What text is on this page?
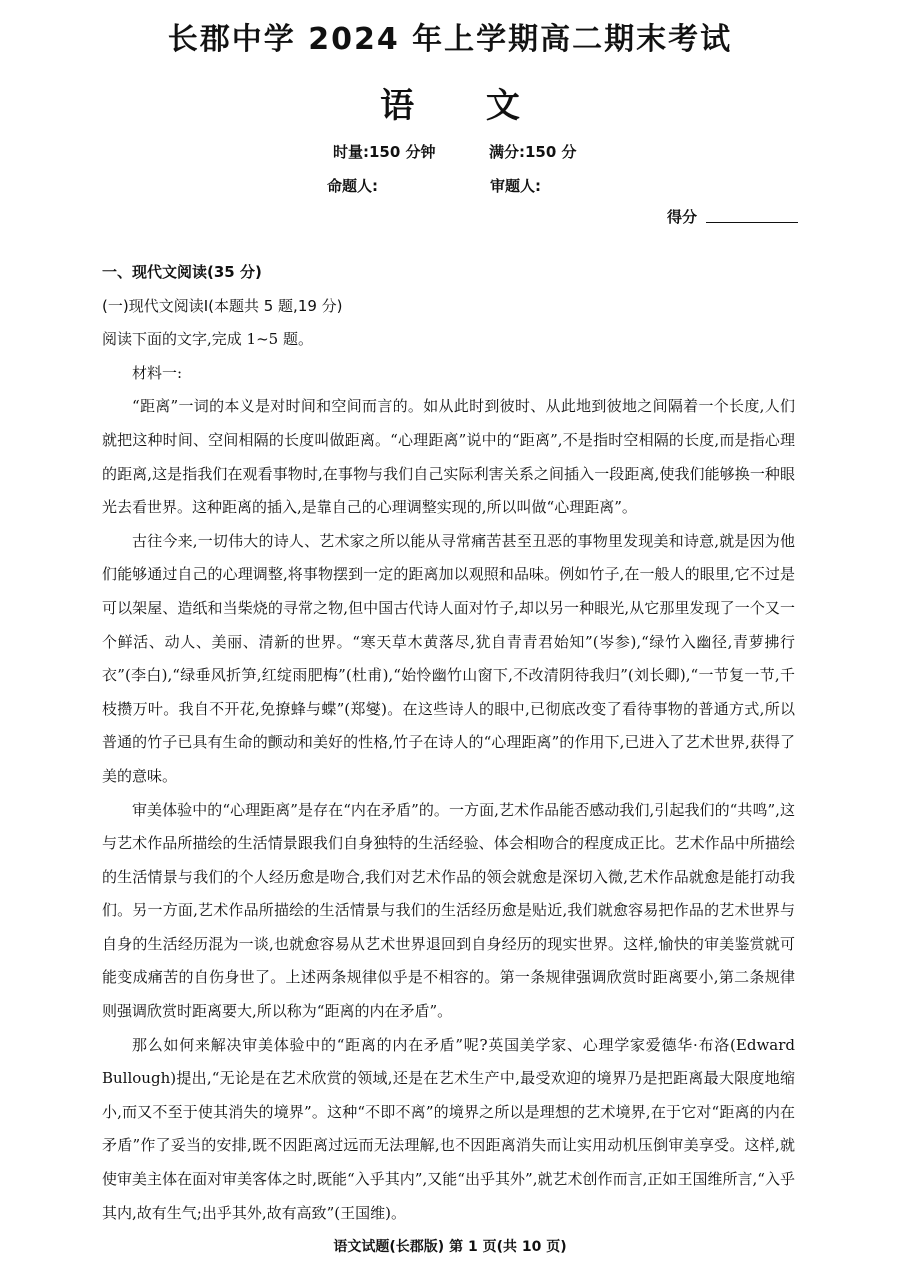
长郡中学 2024 年上学期高二期末考试
语 文
时量:150 分钟	满分:150 分
命题人:	审题人:
得分

一、现代文阅读(35 分)

(一)现代文阅读Ⅰ(本题共 5 题,19 分)

阅读下面的文字,完成 1~5 题。

材料一:

“距离”一词的本义是对时间和空间而言的。如从此时到彼时、从此地到彼地之间隔着一个长度,人们就把这种时间、空间相隔的长度叫做距离。“心理距离”说中的“距离”,不是指时空相隔的长度,而是指心理的距离,这是指我们在观看事物时,在事物与我们自己实际利害关系之间插入一段距离,使我们能够换一种眼光去看世界。这种距离的插入,是靠自己的心理调整实现的,所以叫做“心理距离”。

古往今来,一切伟大的诗人、艺术家之所以能从寻常痛苦甚至丑恶的事物里发现美和诗意,就是因为他们能够通过自己的心理调整,将事物摆到一定的距离加以观照和品味。例如竹子,在一般人的眼里,它不过是可以架屋、造纸和当柴烧的寻常之物,但中国古代诗人面对竹子,却以另一种眼光,从它那里发现了一个又一个鲜活、动人、美丽、清新的世界。“寒天草木黄落尽,犹自青青君始知”(岑参),“绿竹入幽径,青萝拂行衣”(李白),“绿垂风折笋,红绽雨肥梅”(杜甫),“始怜幽竹山窗下,不改清阴待我归”(刘长卿),“一节复一节,千枝攒万叶。我自不开花,免撩蜂与蝶”(郑燮)。在这些诗人的眼中,已彻底改变了看待事物的普通方式,所以普通的竹子已具有生命的颤动和美好的性格,竹子在诗人的“心理距离”的作用下,已进入了艺术世界,获得了美的意味。

审美体验中的“心理距离”是存在“内在矛盾”的。一方面,艺术作品能否感动我们,引起我们的“共鸣”,这与艺术作品所描绘的生活情景跟我们自身独特的生活经验、体会相吻合的程度成正比。艺术作品中所描绘的生活情景与我们的个人经历愈是吻合,我们对艺术作品的领会就愈是深切入微,艺术作品就愈是能打动我们。另一方面,艺术作品所描绘的生活情景与我们的生活经历愈是贴近,我们就愈容易把作品的艺术世界与自身的生活经历混为一谈,也就愈容易从艺术世界退回到自身经历的现实世界。这样,愉快的审美鉴赏就可能变成痛苦的自伤身世了。上述两条规律似乎是不相容的。第一条规律强调欣赏时距离要小,第二条规律则强调欣赏时距离要大,所以称为“距离的内在矛盾”。

那么如何来解决审美体验中的“距离的内在矛盾”呢?英国美学家、心理学家爱德华·布洛(Edward Bullough)提出,“无论是在艺术欣赏的领域,还是在艺术生产中,最受欢迎的境界乃是把距离最大限度地缩小,而又不至于使其消失的境界”。这种“不即不离”的境界之所以是理想的艺术境界,在于它对“距离的内在矛盾”作了妥当的安排,既不因距离过远而无法理解,也不因距离消失而让实用动机压倒审美享受。这样,就使审美主体在面对审美客体之时,既能“入乎其内”,又能“出乎其外”,就艺术创作而言,正如王国维所言,“入乎其内,故有生气;出乎其外,故有高致”(王国维)。

语文试题(长郡版) 第 1 页(共 10 页)
